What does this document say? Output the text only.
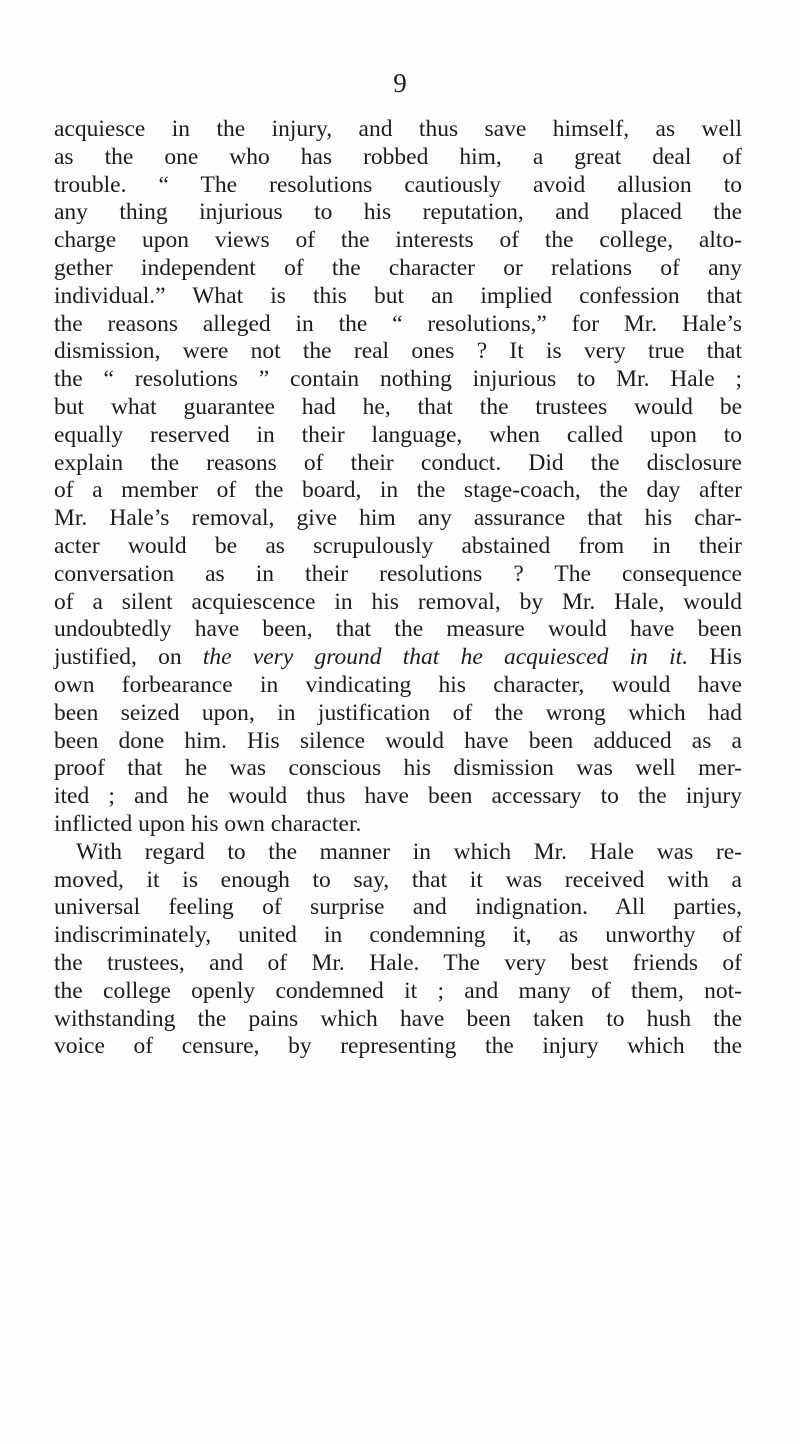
9
acquiesce in the injury, and thus save himself, as well
as the one who has robbed him, a great deal of
trouble. “ The resolutions cautiously avoid allusion to
any thing injurious to his reputation, and placed the
charge upon views of the interests of the college, alto-
gether independent of the character or relations of any
individual.” What is this but an implied confession that
the reasons alleged in the “ resolutions,” for Mr. Hale’s
dismission, were not the real ones ? It is very true that
the “ resolutions ” contain nothing injurious to Mr. Hale ;
but what guarantee had he, that the trustees would be
equally reserved in their language, when called upon to
explain the reasons of their conduct. Did the disclosure
of a member of the board, in the stage-coach, the day after
Mr. Hale’s removal, give him any assurance that his char-
acter would be as scrupulously abstained from in their
conversation as in their resolutions ? The consequence
of a silent acquiescence in his removal, by Mr. Hale, would
undoubtedly have been, that the measure would have been
justified, on the very ground that he acquiesced in it. His
own forbearance in vindicating his character, would have
been seized upon, in justification of the wrong which had
been done him. His silence would have been adduced as a
proof that he was conscious his dismission was well mer-
ited ; and he would thus have been accessary to the injury
inflicted upon his own character.
With regard to the manner in which Mr. Hale was re-
moved, it is enough to say, that it was received with a
universal feeling of surprise and indignation. All parties,
indiscriminately, united in condemning it, as unworthy of
the trustees, and of Mr. Hale. The very best friends of
the college openly condemned it ; and many of them, not-
withstanding the pains which have been taken to hush the
voice of censure, by representing the injury which the
